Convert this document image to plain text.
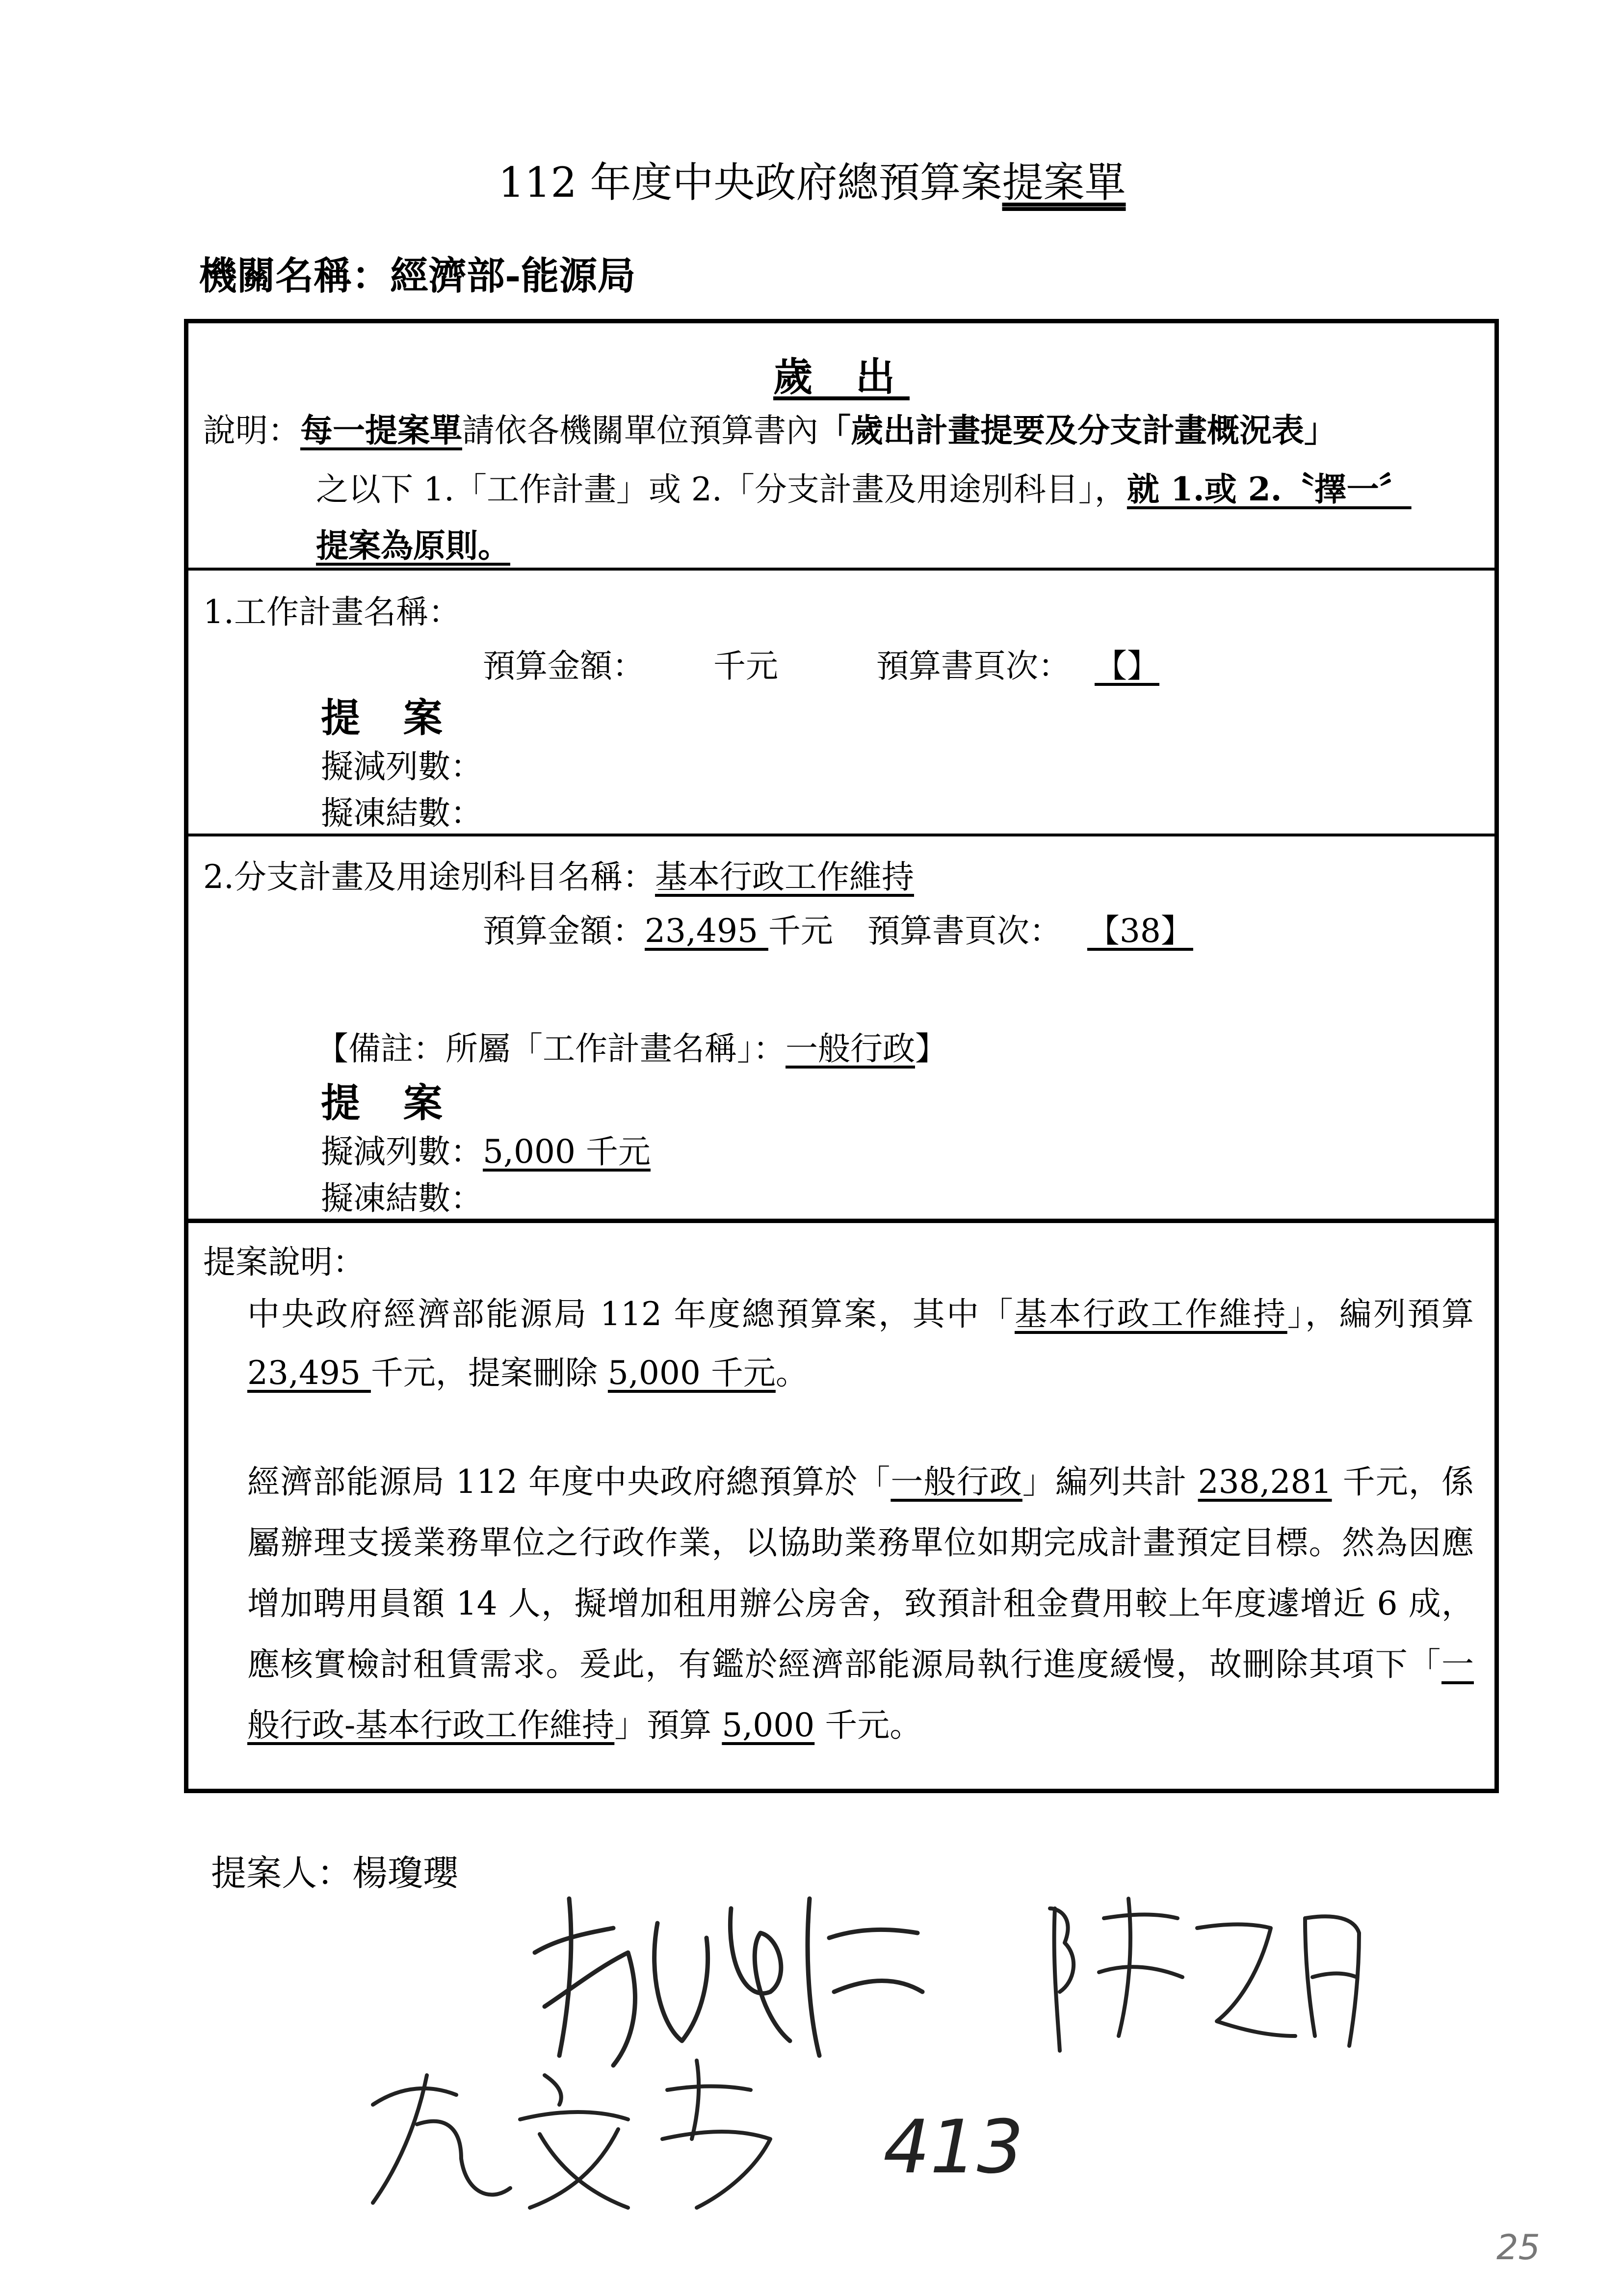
112 年度中央政府總預算案提案單
機關名稱：經濟部-能源局
歲 出
說明：每一提案單請依各機關單位預算書內「歲出計畫提要及分支計畫概況表」
之以下 1.「工作計畫」或 2.「分支計畫及用途別科目」，就 1.或 2.〝擇一〞
提案為原則。
1.工作計畫名稱：
預算金額： 千元	預算書頁次： 【】
提 案
擬減列數：
擬凍結數：
2.分支計畫及用途別科目名稱：基本行政工作維持
預算金額：23,495 千元 預算書頁次： 【38】
【備註：所屬「工作計畫名稱」：一般行政】
提 案
擬減列數：5,000 千元
擬凍結數：
提案說明：
中央政府經濟部能源局 112 年度總預算案，其中「基本行政工作維持」，編列預算 23,495 千元，提案刪除 5,000 千元。
經濟部能源局 112 年度中央政府總預算於「一般行政」編列共計 238,281 千元，係屬辦理支援業務單位之行政作業，以協助業務單位如期完成計畫預定目標。然為因應增加聘用員額 14 人，擬增加租用辦公房舍，致預計租金費用較上年度遽增近 6 成，應核實檢討租賃需求。爰此，有鑑於經濟部能源局執行進度緩慢，故刪除其項下「一般行政-基本行政工作維持」預算 5,000 千元。
提案人：楊瓊瓔
413
25
